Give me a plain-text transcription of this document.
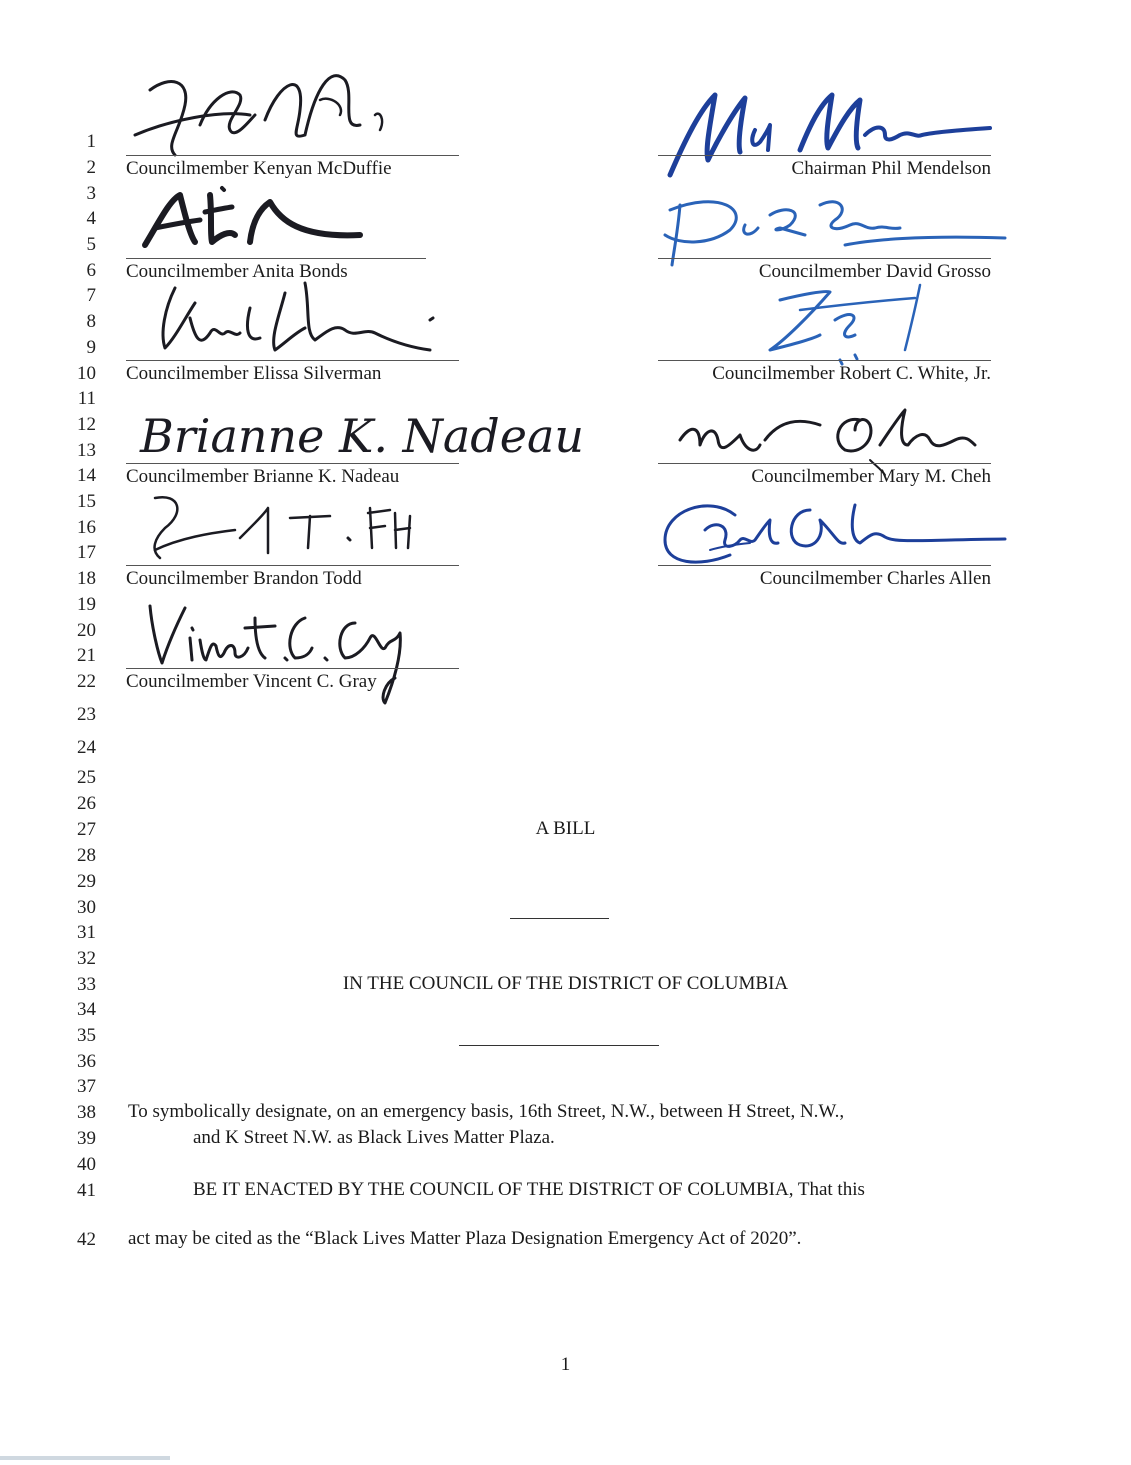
1
2
3
4
5
6
7
8
9
10
11
12
13
14
15
16
17
18
19
20
21
22
23
24
25
26
27
28
29
30
31
32
33
34
35
36
37
38
39
40
41
42
Councilmember Kenyan McDuffie
Councilmember Anita Bonds
Councilmember Elissa Silverman
Brianne K. Nadeau
Councilmember Brianne K. Nadeau
Councilmember Brandon Todd
Councilmember Vincent C. Gray
Chairman Phil Mendelson
Councilmember David Grosso
Councilmember Robert C. White, Jr.
Councilmember Mary M. Cheh
Councilmember Charles Allen
A BILL
IN THE COUNCIL OF THE DISTRICT OF COLUMBIA
To symbolically designate, on an emergency basis, 16th Street, N.W., between H Street, N.W.,
and K Street N.W. as Black Lives Matter Plaza.
BE IT ENACTED BY THE COUNCIL OF THE DISTRICT OF COLUMBIA, That this
act may be cited as the “Black Lives Matter Plaza Designation Emergency Act of 2020”.
1
